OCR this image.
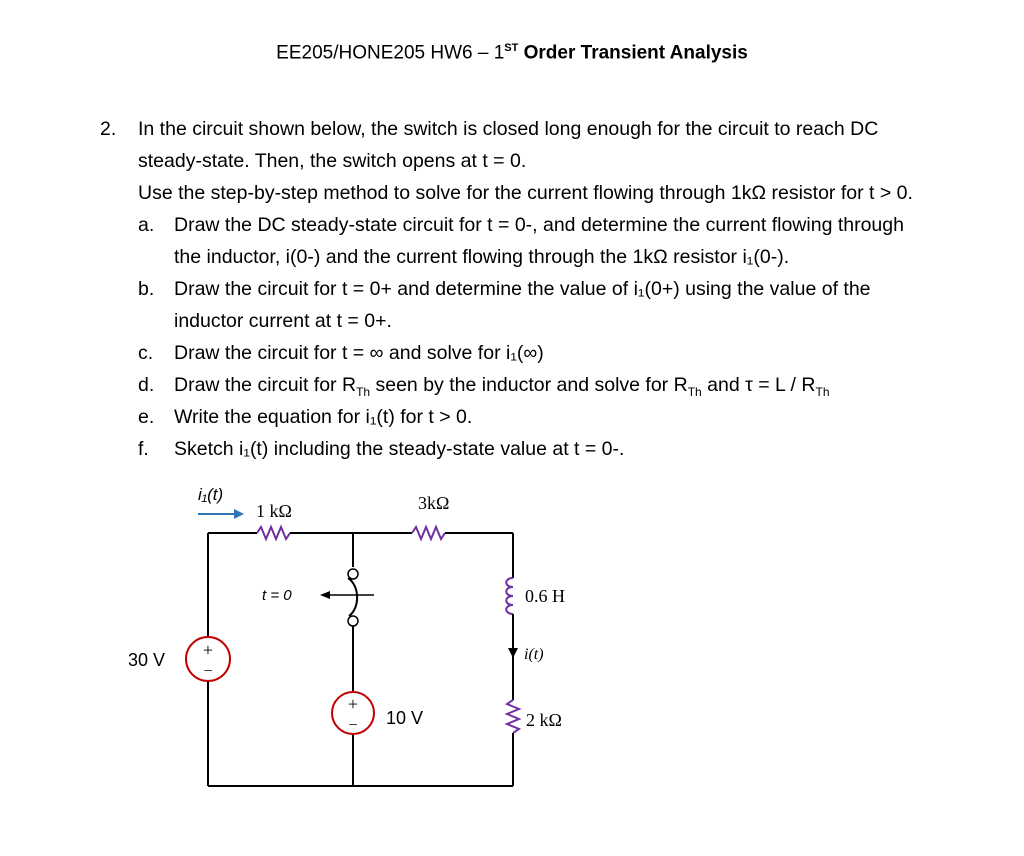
EE205/HONE205 HW6 – 1ST Order Transient Analysis
2. In the circuit shown below, the switch is closed long enough for the circuit to reach DC
steady-state. Then, the switch opens at t = 0.
Use the step-by-step method to solve for the current flowing through 1kΩ resistor for t > 0.
a. Draw the DC steady-state circuit for t = 0-, and determine the current flowing through
the inductor, i(0-) and the current flowing through the 1kΩ resistor i₁(0-).
b. Draw the circuit for t = 0+ and determine the value of i₁(0+) using the value of the
inductor current at t = 0+.
c. Draw the circuit for t = ∞ and solve for i₁(∞)
d. Draw the circuit for $R_{Th}$ seen by the inductor and solve for $R_{Th}$ and $\tau = L / R_{Th}$
e. Write the equation for i₁(t) for t > 0.
f. Sketch i₁(t) including the steady-state value at t = 0-.
t = 0
+
−
30 V
+
− 10 V
i₁(t)
1 kΩ	3kΩ
2 kΩ
0.6 H
i(t)
